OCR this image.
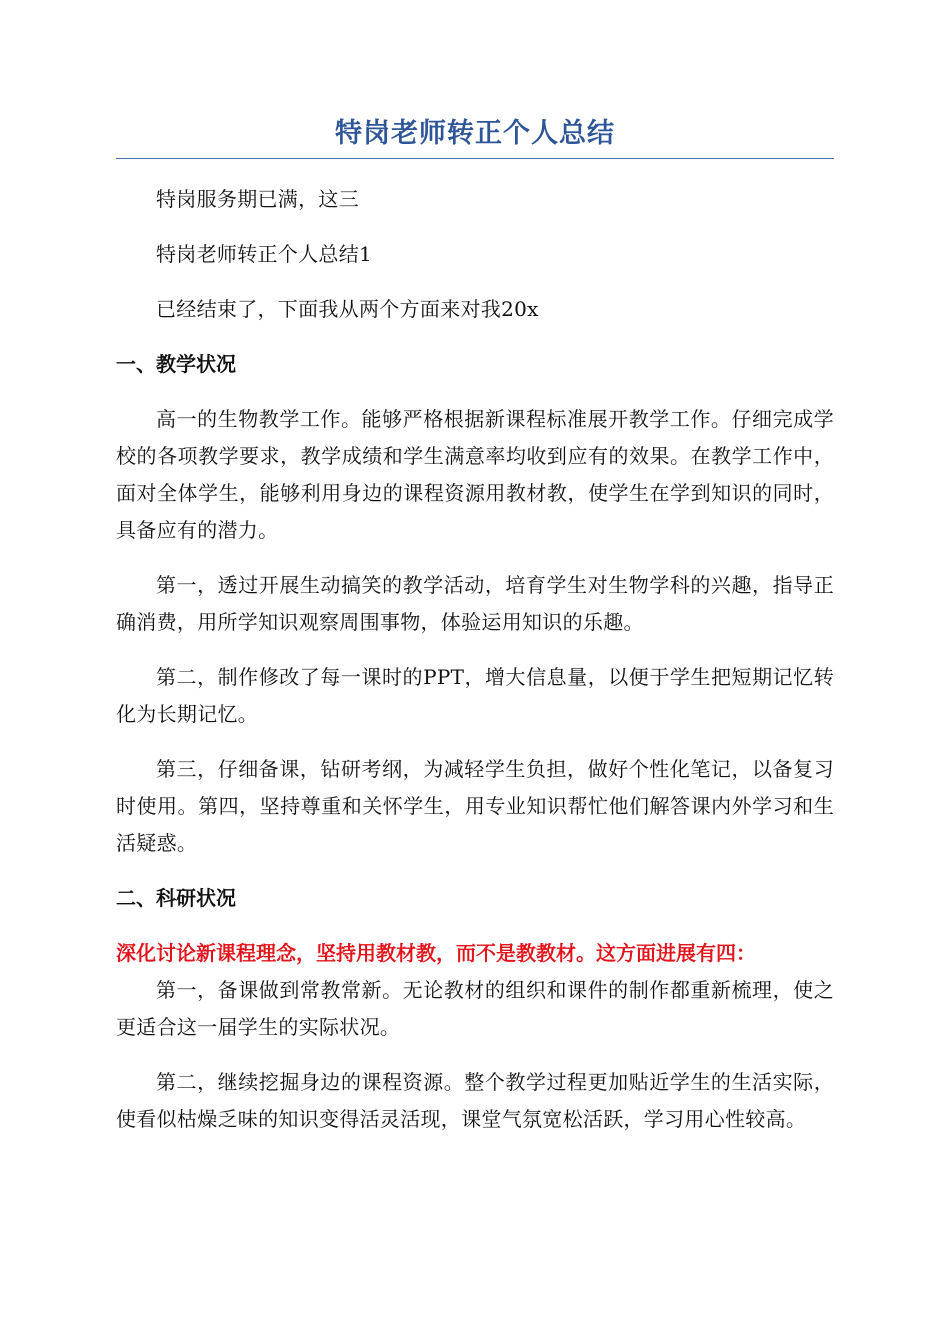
特岗老师转正个人总结

特岗服务期已满，这三

特岗老师转正个人总结1

已经结束了，下面我从两个方面来对我20x

一、教学状况

高一的生物教学工作。能够严格根据新课程标准展开教学工作。仔细完成学校的各项教学要求，教学成绩和学生满意率均收到应有的效果。在教学工作中，面对全体学生，能够利用身边的课程资源用教材教，使学生在学到知识的同时，具备应有的潜力。

第一，透过开展生动搞笑的教学活动，培育学生对生物学科的兴趣，指导正确消费，用所学知识观察周围事物，体验运用知识的乐趣。

第二，制作修改了每一课时的PPT，增大信息量，以便于学生把短期记忆转化为长期记忆。

第三，仔细备课，钻研考纲，为减轻学生负担，做好个性化笔记，以备复习时使用。第四，坚持尊重和关怀学生，用专业知识帮忙他们解答课内外学习和生活疑惑。

二、科研状况

深化讨论新课程理念，坚持用教材教，而不是教教材。这方面进展有四：

第一，备课做到常教常新。无论教材的组织和课件的制作都重新梳理，使之更适合这一届学生的实际状况。

第二，继续挖掘身边的课程资源。整个教学过程更加贴近学生的生活实际，使看似枯燥乏味的知识变得活灵活现，课堂气氛宽松活跃，学习用心性较高。
